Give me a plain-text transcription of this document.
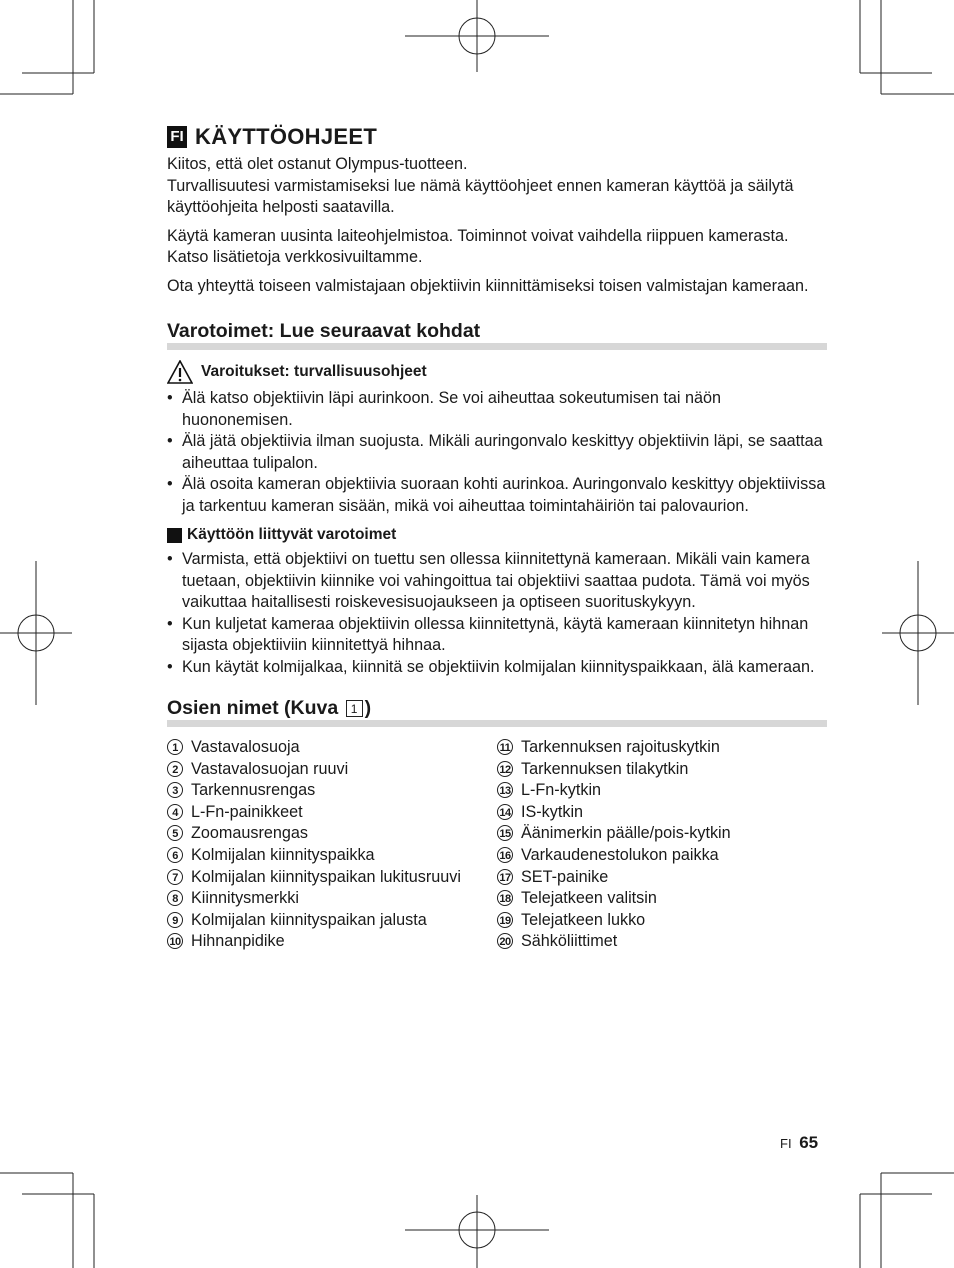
FI KÄYTTÖOHJEET

Kiitos, että olet ostanut Olympus-tuotteen.
Turvallisuutesi varmistamiseksi lue nämä käyttöohjeet ennen kameran käyttöä ja säilytä käyttöohjeita helposti saatavilla.

Käytä kameran uusinta laiteohjelmistoa. Toiminnot voivat vaihdella riippuen kamerasta. Katso lisätietoja verkkosivuiltamme.

Ota yhteyttä toiseen valmistajaan objektiivin kiinnittämiseksi toisen valmistajan kameraan.

Varotoimet: Lue seuraavat kohdat
Varoitukset: turvallisuusohjeet
• Älä katso objektiivin läpi aurinkoon. Se voi aiheuttaa sokeutumisen tai näön huononemisen.
• Älä jätä objektiivia ilman suojusta. Mikäli auringonvalo keskittyy objektiivin läpi, se saattaa aiheuttaa tulipalon.
• Älä osoita kameran objektiivia suoraan kohti aurinkoa. Auringonvalo keskittyy objektiivissa ja tarkentuu kameran sisään, mikä voi aiheuttaa toimintahäiriön tai palovaurion.
Käyttöön liittyvät varotoimet
• Varmista, että objektiivi on tuettu sen ollessa kiinnitettynä kameraan. Mikäli vain kamera tuetaan, objektiivin kiinnike voi vahingoittua tai objektiivi saattaa pudota. Tämä voi myös vaikuttaa haitallisesti roiskevesisuojaukseen ja optiseen suorituskykyyn.
• Kun kuljetat kameraa objektiivin ollessa kiinnitettynä, käytä kameraan kiinnitetyn hihnan sijasta objektiiviin kiinnitettyä hihnaa.
• Kun käytät kolmijalkaa, kiinnitä se objektiivin kolmijalan kiinnityspaikkaan, älä kameraan.
Osien nimet (Kuva 1 )
1 Vastavalosuoja
2 Vastavalosuojan ruuvi
3 Tarkennusrengas
4 L-Fn-painikkeet
5 Zoomausrengas
6 Kolmijalan kiinnityspaikka
7 Kolmijalan kiinnityspaikan lukitusruuvi
8 Kiinnitysmerkki
9 Kolmijalan kiinnityspaikan jalusta
10 Hihnanpidike
11 Tarkennuksen rajoituskytkin
12 Tarkennuksen tilakytkin
13 L-Fn-kytkin
14 IS-kytkin
15 Äänimerkin päälle/pois-kytkin
16 Varkaudenestolukon paikka
17 SET-painike
18 Telejatkeen valitsin
19 Telejatkeen lukko
20 Sähköliittimet
FI 65
